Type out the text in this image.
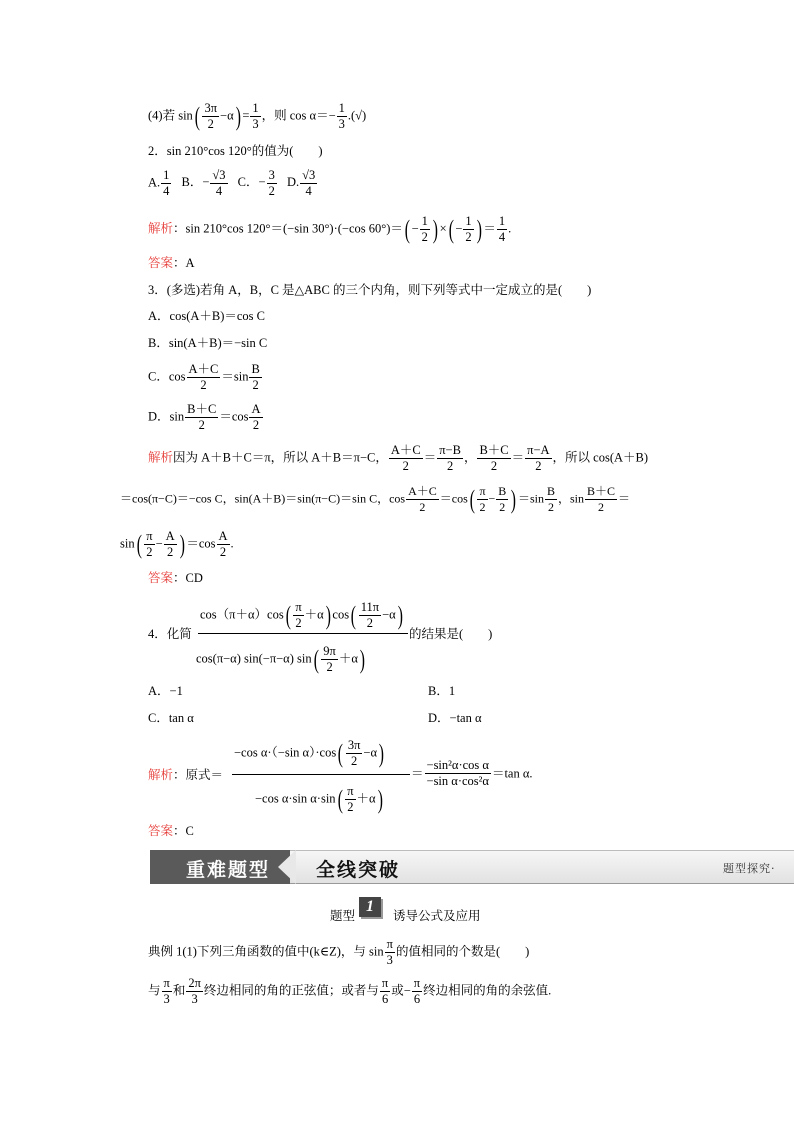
(4)若 $\sin( \frac{3\pi}{2} -\alpha) = \frac{1}{3}$ ，则 $\cos \alpha=- \frac{1}{3}$ .(√)
2．sin 210°cos 120°的值为(　　)
A. $\frac{1}{4}$ B．− $\frac{√3}{4}$ C．− $\frac{3}{2} D$. $\frac{√3}{4}$
解析：sin 210°cos 120°＝(−sin 30°)·(−cos $60^\circ)=( - \frac{1}{2}$ ) ×( − $\frac{1}{2}$ ) ＝ $\frac{1}{4}$ .
答案：A
3．(多选)若角 A，B，C 是△ABC 的三个内角，则下列等式中一定成立的是(　　)
A．cos(A＋B)＝cos C
B．sin(A＋B)＝−sin C
C．$\cos \frac{A+C}{2} =\sin \frac{B}{2}$
D．$\sin \frac{B+C}{2} =\cos \frac{A}{2}$
解析因为 A＋B＋C＝π，所以 A＋B＝π−C， $\frac{A+C}{2} = \frac{\pi-B}{2}$ ， $\frac{B+C}{2} = \frac{\pi-A}{2}$ ，所以 cos(A＋B)
＝cos(π−C)＝−cos C，sin(A＋B)＝sin(π−C)＝sin C，$\cos \frac{A+C}{2} =\cos( \frac{\pi}{2} - \frac{B}{2}$ ) $=\sin \frac{B}{2}$ ，$\sin \frac{B+C}{2}$ ＝
$\sin( \frac{\pi}{2} - \frac{A}{2}$ ) $=\cos \frac{A}{2}$ .
答案：CD
4．化简
$\cos(\pi+\alpha)\cos( \frac{\pi}{2} +\alpha)$ $\cos( \frac{11\pi}{2} -\alpha)$
cos(π−α) sin(−π−α) $\sin( \frac{9\pi}{2} +\alpha)$
的结果是(　　)
A．−1	B．1
C．tan α	D．−tan α
解析：原式＝
−cos α·（−sin $\alpha)\cdot\cos( \frac{3\pi}{2} -\alpha)$
−cos α·sin $\alpha\cdot\sin( \frac{\pi}{2} +\alpha)$
＝ $\frac{\text{−sin²α·cos α}}{\text{−sin α·cos²α}} =\tan$ α.
答案：C
重难题型 全线突破	题型探究·
题型
1
诱导公式及应用
典例 1(1)下列三角函数的值中(k∈Z)，与 $\sin \frac{\pi}{3}$ 的值相同的个数是(　　)
与 $\frac{\pi}{3}$ 和 $\frac{2\pi}{3}$ 终边相同的角的正弦值；或者与 $\frac{\pi}{6}$ 或− $\frac{\pi}{6}$ 终边相同的角的余弦值.
